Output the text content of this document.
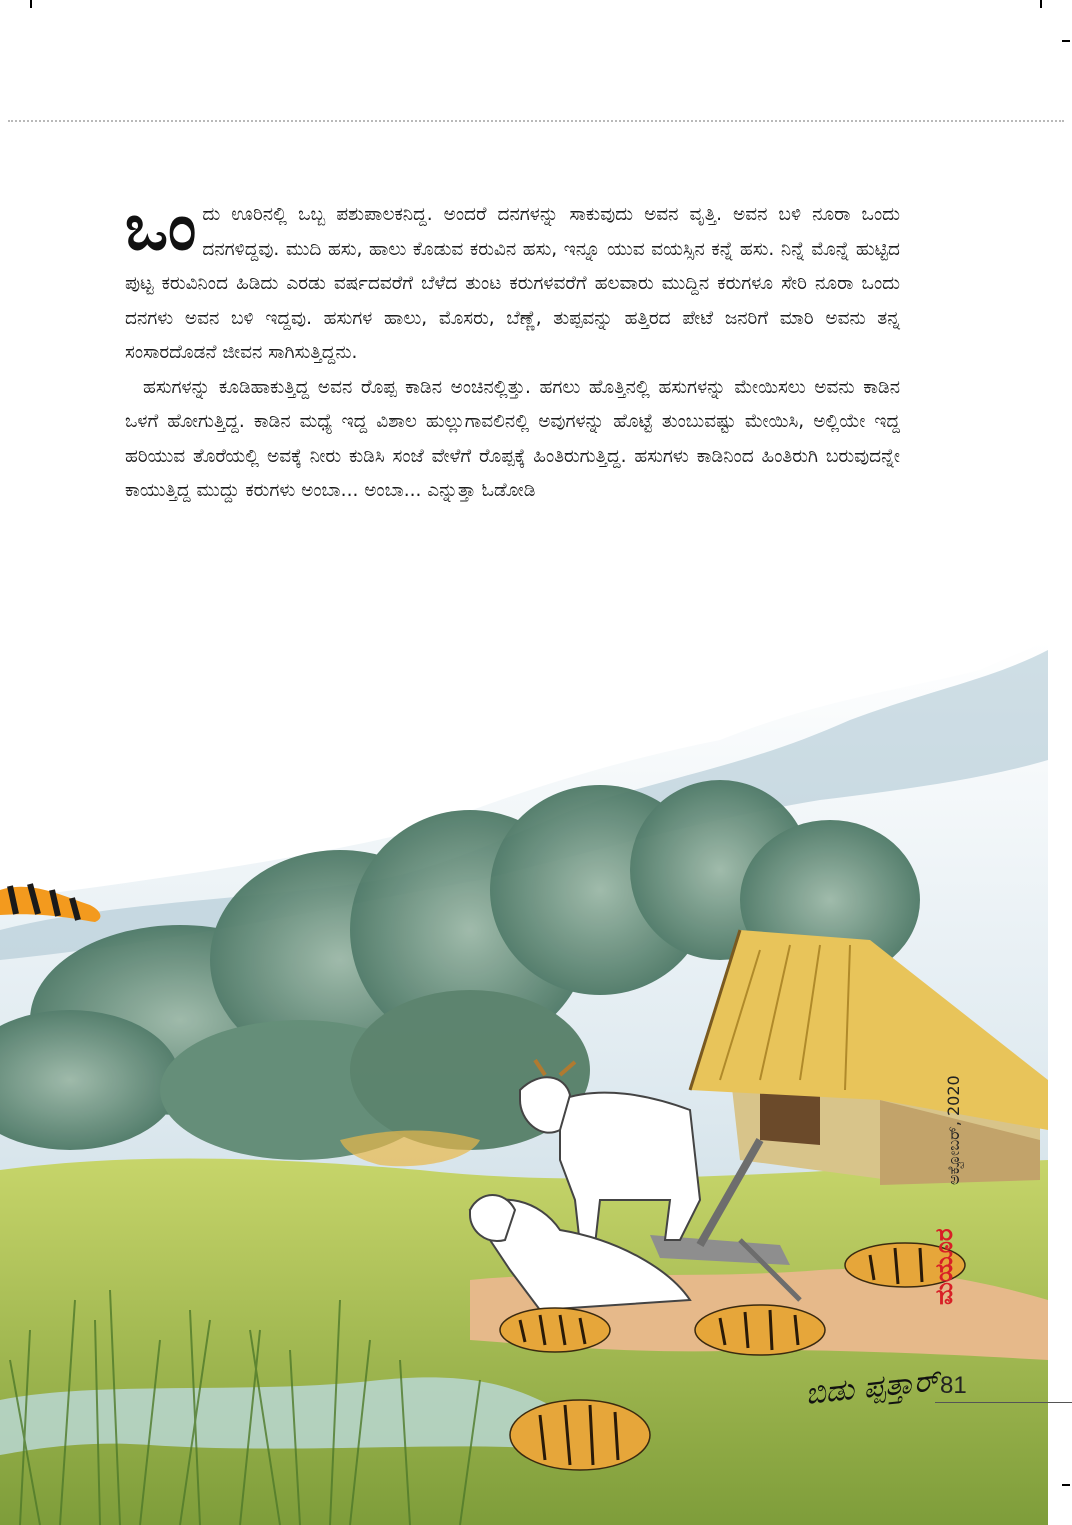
ಒಂದು ಊರಿನಲ್ಲಿ ಒಬ್ಬ ಪಶುಪಾಲಕನಿದ್ದ. ಅಂದರೆ ದನಗಳನ್ನು ಸಾಕುವುದು ಅವನ ವೃತ್ತಿ. ಅವನ ಬಳಿ ನೂರಾ ಒಂದು ದನಗಳಿದ್ದವು. ಮುದಿ ಹಸು, ಹಾಲು ಕೊಡುವ ಕರುವಿನ ಹಸು, ಇನ್ನೂ ಯುವ ವಯಸ್ಸಿನ ಕನ್ನೆ ಹಸು. ನಿನ್ನೆ ಮೊನ್ನೆ ಹುಟ್ಟಿದ ಪುಟ್ಟ ಕರುವಿನಿಂದ ಹಿಡಿದು ಎರಡು ವರ್ಷದವರೆಗೆ ಬೆಳೆದ ತುಂಟ ಕರುಗಳವರೆಗೆ ಹಲವಾರು ಮುದ್ದಿನ ಕರುಗಳೂ ಸೇರಿ ನೂರಾ ಒಂದು ದನಗಳು ಅವನ ಬಳಿ ಇದ್ದವು. ಹಸುಗಳ ಹಾಲು, ಮೊಸರು, ಬೆಣ್ಣೆ, ತುಪ್ಪವನ್ನು ಹತ್ತಿರದ ಪೇಟೆ ಜನರಿಗೆ ಮಾರಿ ಅವನು ತನ್ನ ಸಂಸಾರದೊಡನೆ ಜೀವನ ಸಾಗಿಸುತ್ತಿದ್ದನು.

ಹಸುಗಳನ್ನು ಕೂಡಿಹಾಕುತ್ತಿದ್ದ ಅವನ ರೊಪ್ಪ ಕಾಡಿನ ಅಂಚಿನಲ್ಲಿತ್ತು. ಹಗಲು ಹೊತ್ತಿನಲ್ಲಿ ಹಸುಗಳನ್ನು ಮೇಯಿಸಲು ಅವನು ಕಾಡಿನ ಒಳಗೆ ಹೋಗುತ್ತಿದ್ದ. ಕಾಡಿನ ಮಧ್ಯೆ ಇದ್ದ ವಿಶಾಲ ಹುಲ್ಲುಗಾವಲಿನಲ್ಲಿ ಅವುಗಳನ್ನು ಹೊಟ್ಟೆ ತುಂಬುವಷ್ಟು ಮೇಯಿಸಿ, ಅಲ್ಲಿಯೇ ಇದ್ದ ಹರಿಯುವ ತೊರೆಯಲ್ಲಿ ಅವಕ್ಕೆ ನೀರು ಕುಡಿಸಿ ಸಂಜೆ ವೇಳೆಗೆ ರೊಪ್ಪಕ್ಕೆ ಹಿಂತಿರುಗುತ್ತಿದ್ದ. ಹಸುಗಳು ಕಾಡಿನಿಂದ ಹಿಂತಿರುಗಿ ಬರುವುದನ್ನೇ ಕಾಯುತ್ತಿದ್ದ ಮುದ್ದು ಕರುಗಳು ಅಂಬಾ... ಅಂಬಾ... ಎನ್ನುತ್ತಾ ಓಡೋಡಿ

ಅಕ್ಟೋಬರ್, 2020
ಮಯೂರ
ಬಿಡು ಪ್ಪತ್ತಾರ್ 81
